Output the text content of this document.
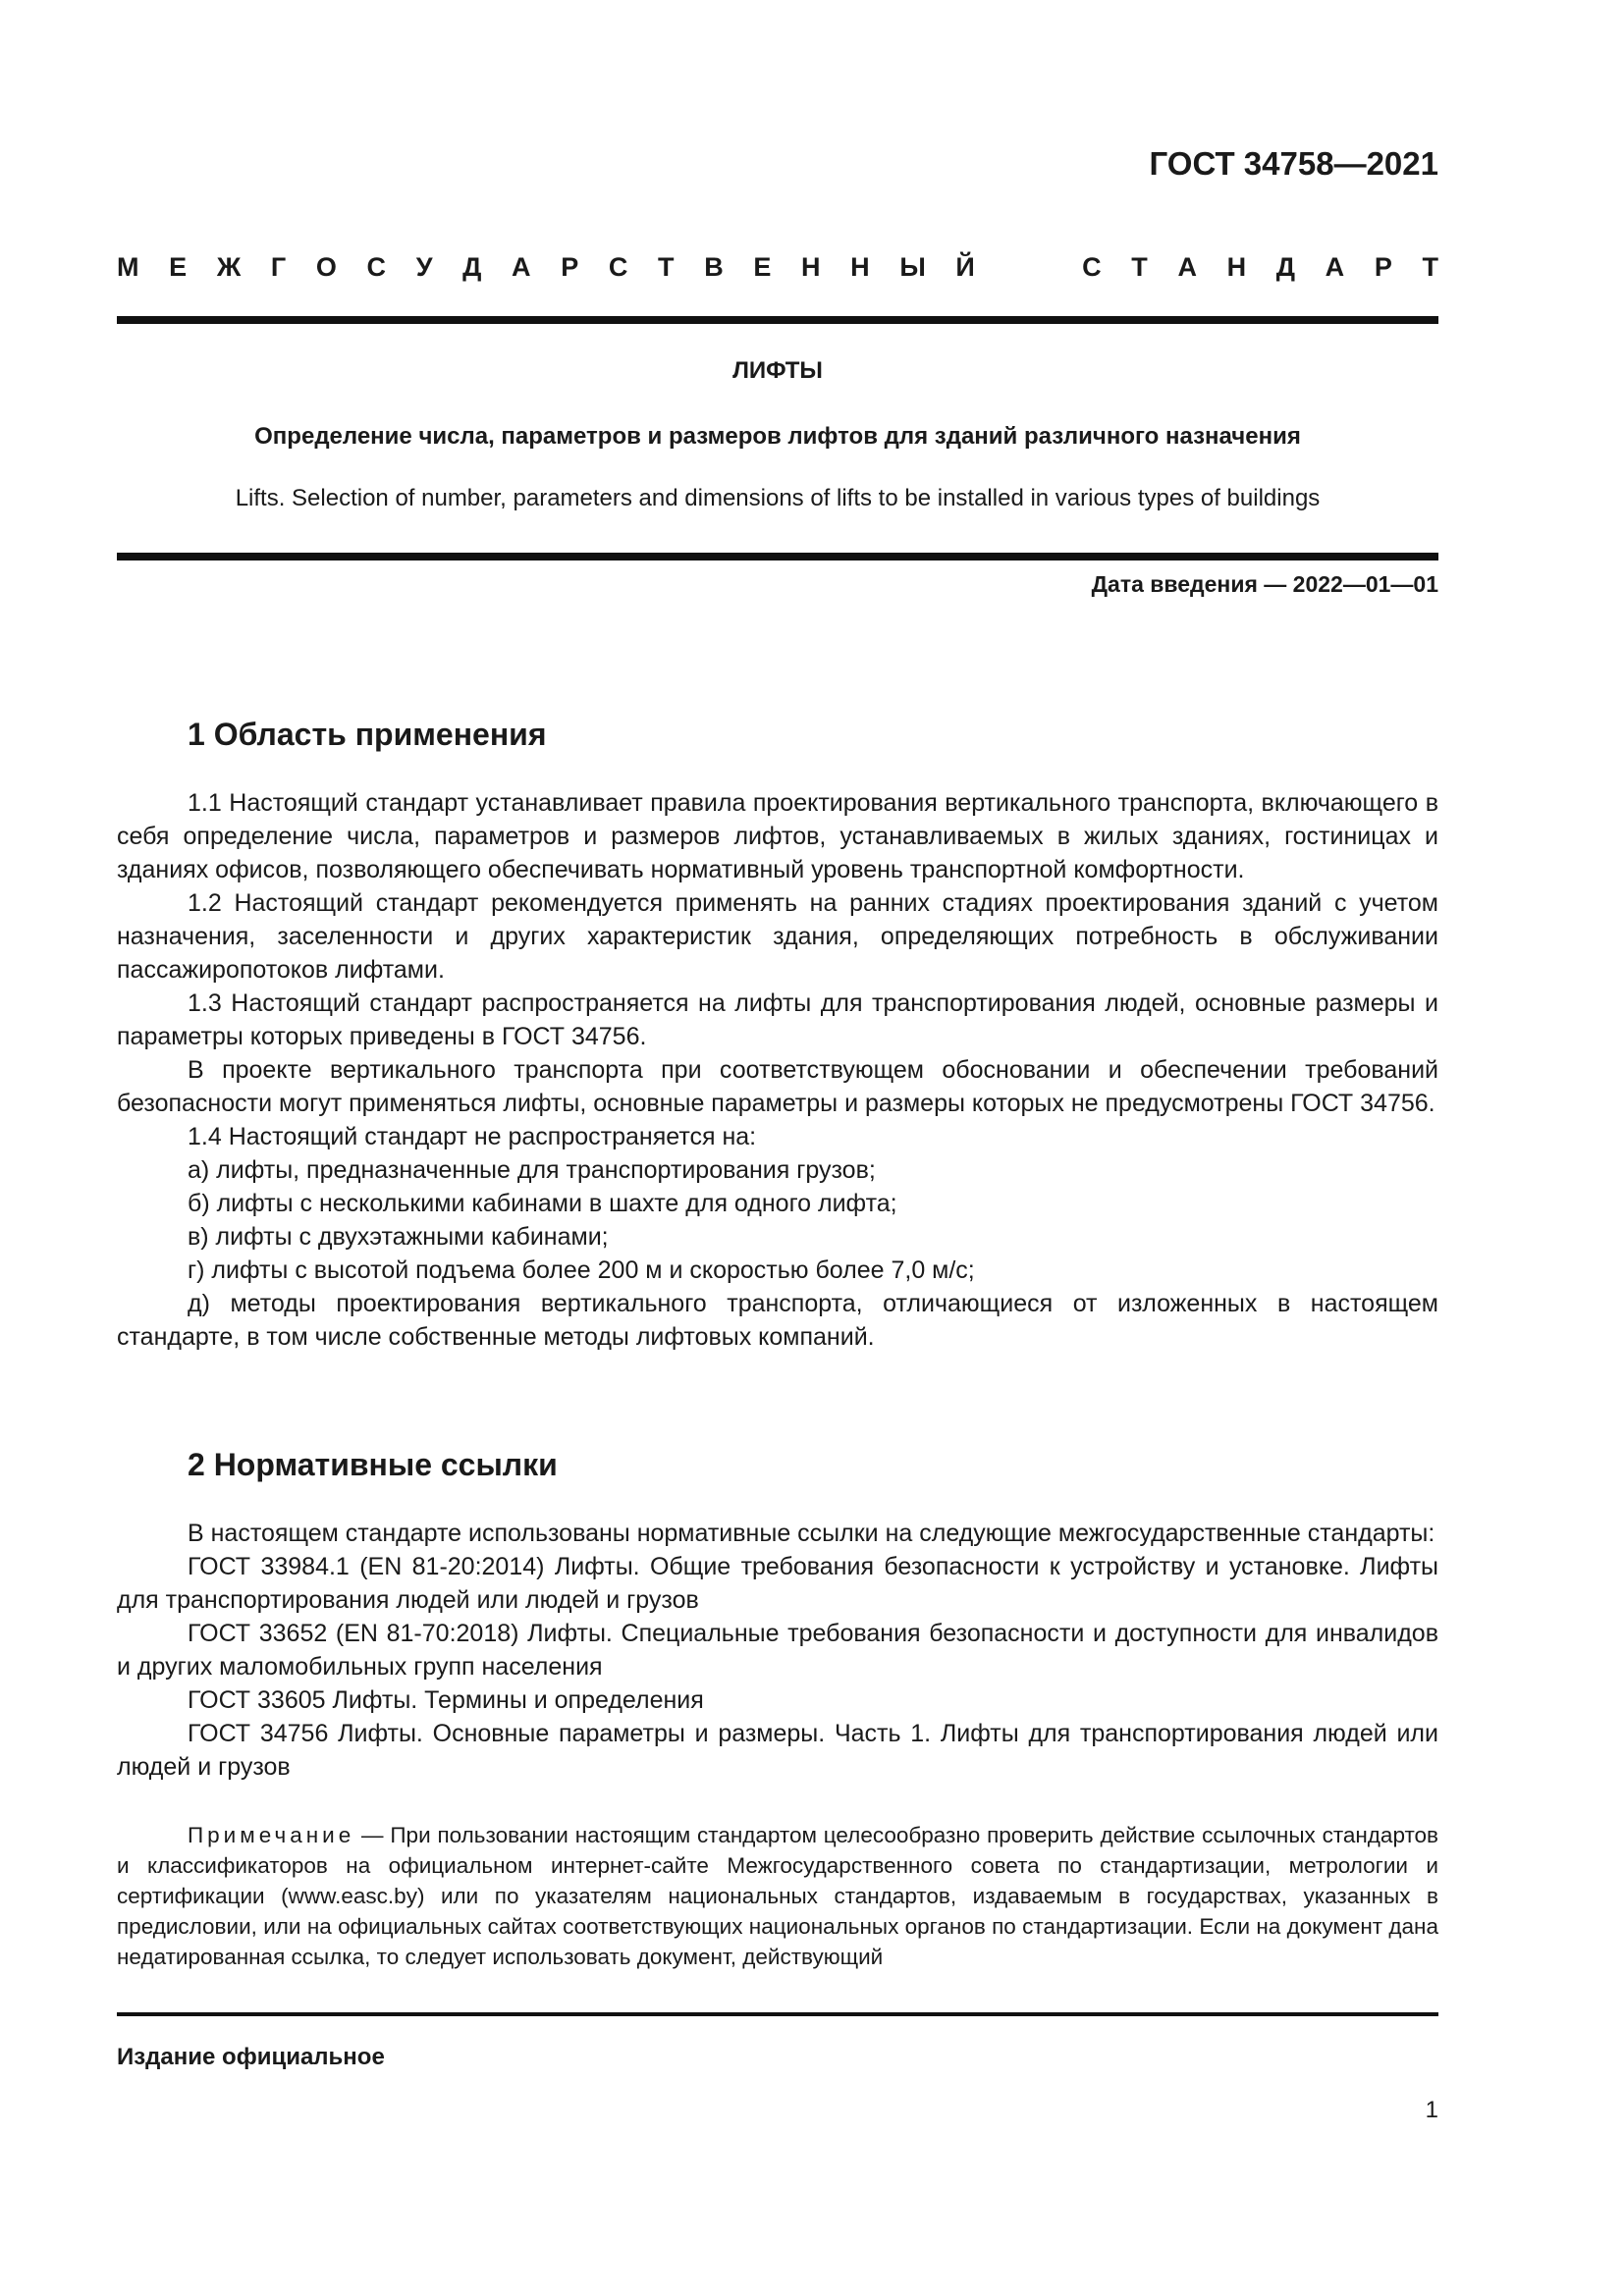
ГОСТ 34758—2021
М Е Ж Г О С У Д А Р С Т В Е Н Н Ы Й	С Т А Н Д А Р Т
ЛИФТЫ
Определение числа, параметров и размеров лифтов для зданий различного назначения
Lifts. Selection of number, parameters and dimensions of lifts to be installed in various types of buildings
Дата введения — 2022—01—01
1 Область применения

1.1 Настоящий стандарт устанавливает правила проектирования вертикального транспорта, включающего в себя определение числа, параметров и размеров лифтов, устанавливаемых в жилых зданиях, гостиницах и зданиях офисов, позволяющего обеспечивать нормативный уровень транспортной комфортности.

1.2 Настоящий стандарт рекомендуется применять на ранних стадиях проектирования зданий с учетом назначения, заселенности и других характеристик здания, определяющих потребность в обслуживании пассажиропотоков лифтами.

1.3 Настоящий стандарт распространяется на лифты для транспортирования людей, основные размеры и параметры которых приведены в ГОСТ 34756.

В проекте вертикального транспорта при соответствующем обосновании и обеспечении требований безопасности могут применяться лифты, основные параметры и размеры которых не предусмотрены ГОСТ 34756.

1.4 Настоящий стандарт не распространяется на:

а) лифты, предназначенные для транспортирования грузов;

б) лифты с несколькими кабинами в шахте для одного лифта;

в) лифты с двухэтажными кабинами;

г) лифты с высотой подъема более 200 м и скоростью более 7,0 м/с;

д) методы проектирования вертикального транспорта, отличающиеся от изложенных в настоящем стандарте, в том числе собственные методы лифтовых компаний.

2 Нормативные ссылки

В настоящем стандарте использованы нормативные ссылки на следующие межгосударственные стандарты:

ГОСТ 33984.1 (EN 81-20:2014) Лифты. Общие требования безопасности к устройству и установке. Лифты для транспортирования людей или людей и грузов

ГОСТ 33652 (EN 81-70:2018) Лифты. Специальные требования безопасности и доступности для инвалидов и других маломобильных групп населения

ГОСТ 33605 Лифты. Термины и определения

ГОСТ 34756 Лифты. Основные параметры и размеры. Часть 1. Лифты для транспортирования людей или людей и грузов

Примечание — При пользовании настоящим стандартом целесообразно проверить действие ссылочных стандартов и классификаторов на официальном интернет-сайте Межгосударственного совета по стандартизации, метрологии и сертификации (www.easc.by) или по указателям национальных стандартов, издаваемым в государствах, указанных в предисловии, или на официальных сайтах соответствующих национальных органов по стандартизации. Если на документ дана недатированная ссылка, то следует использовать документ, действующий

Издание официальное
1
